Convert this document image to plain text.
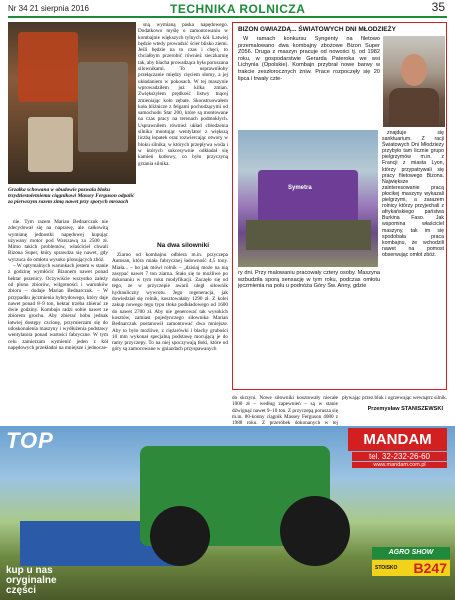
Nr 34 21 sierpnia 2016	TECHNIKA ROLNICZA	35
Grzałka schowana w obudowie pozwala bloku trzydziestoletniemu ciągnikowi Massey Ferguson odpalić za pierwszym razem zimą nawet przy sporych mrozach

nie. Tym razem Marian Bednarczuk nie zdecydował się na naprawę, ale całkowitą wymianę jednostki napędowej kupując używany motor pod Warszawą za 2500 zł. Mimo takich problemów, właściciel chwali Bizona Super, który sprawdza się nawet, gdy wyrzuca do omłotu wysoko plonujących zbóż.

– W optymalnych warunkach jestem w stanie z godzinę wymłócić Bizonem nawet ponad hektar pszenicy. Oczywiście wszystko zależy od plonu zbiorów, wilgotności i warunków zbioru – dodaje Marian Bednarczuk. – W przypadku jęczmienia hybrydowego, który daje nawet ponad 8–9 ton, hektar trzeba zbierać ze dwie godziny. Kombajn radzi sobie nawet ze zbiorem grochu. Aby zbierać bobu jednak łatwiej dostępy czcionę, przymierzam się do udoskonalenia maszyny i wydłużenia podstawy wentylatora ponad wartości fabryczne. W tym celu zamierzam wymienić jeden z kół napędowych przekładni na mniejsze i jednocze-

sną wymianą paska napędowego. Dodatkowo myślę o zamontowaniu w kombajnie większych tylnych kół. Łatwiej będzie wtedy prowadzić ścier blisko ziemi. Jeśli będzie na to czas i chęci, to chciałbym przerobić również sieczkarnię tak, aby blacha prowadząca była poruszana silownikami. To usprawniłoby przełączanie między cięciem słomy, a jej układaniem w pokosach. W tej maszynie wprowadziłem już kilka zmian. Zwiększyłem prędkość listwy tnącej zmieniając koło zębate. Skonstruowałem koła bliźnicze z felgami pochodzącymi od samochodu Star 200, które są montowane na czas pracy na terenach podmokłych. Usprawniłem również układ chłodzenia silnika montując wentylator z większą liczbą łopatek oraz rozwiercając otwory w bloku silnika, w których przepływa woda i w których sukcesywnie odkładał się kamień kotłowy, co było przyczyną grzania silnika.

Na dwa silowniki

Ziarno od kombajnu odbiera m.in. przyczepa Autosan, która miała fabrycznej ładowność 4,5 tony. Miała... – bo jak mówi rolnik – „dzisiaj może na nią zasypać nawet 7 ton ziarna. Stało się to możliwe po dokonaniu w tym roku modyfikacji. Zaczęło się od tego, że w przyczepie awarii uległ siłownik hydrauliczny wywrotu. Jego regeneracja, jak dowiedział się rolnik, kosztowałaby 1290 zł. Z kolei zakup nowego tego typu tłoka podkładowego od 1600 do nawet 2700 zł. Aby nie generować tak wysokich kosztów, zamiast pojedynczego siłownika Marian Bednarczuk postanowił zamontować dwa mniejsze. Aby to było możliwe, z ciężarówki i blachy grubości 10 mm wykonał specjalną podstawę mocującą je do ramy przyczepy. To na niej spoczywają tłoki, które od góry są zamocowane w gniazdach przyspawanych

BIZON GWIAZDĄ... ŚWIATOWYCH DNI MŁODZIEŻY

W ramach konkursu Syngenty na filetowo przemalowano dwa kombajny zbożowe Bizon Super Z056. Druga z maszyn pracuje od nowości tj. od 1982 roku, w gospodarstwie Gerarda Pateroka we wsi Lichynia (Opolskie). Kombajn przybrał nowe barwy w trakcie zeszłorocznych żniw. Prace rozpoczęły się 20 lipca i trwały czte-

Symetra

znajduje się sanktuarium. Z racji Światowych Dni Młodzieży przybyło tam licznie grupo pielgrzymów m.in. z Francji z miasta Lyon, którzy przypatrywali się pracy filetowego Bizona. Największe zainteresowanie pracą płocikej maszyny wykazali pielgrzymi, a zarazem rolnicy którzy przyjechali z afrykańskiego państwa Burkina Faso. Jak wspomina właściciel maszyny, tak im się spodobała praca kombajnu, że wchodzili nawet na pomost obserwując omłot zbóż.

ry dni. Przy malowaniu pracowały cztery osoby. Maszyna wzbudziła sporą sensację w tym roku, podczas omłotu jęczmienia na polu u podnóża Góry Św. Anny, gdzie

do skrzyni. Nowe siłowniki kosztowały niecałe 1000 zł – według zapewnień – są w stanie dźwignąć nawet 9–10 ton. Z przyczepą porusza się m.in. 80-konny ciągnik Massey Ferguson 4080 z 1988 roku. Z przeróbek dokonanych w tej

pływając przez blok i ogrzewając wewnątrz silnik.

Przemysław STANISZEWSKI
TOP	MANDAM
tel. 32-232-26-60
www.mandam.com.pl
kup u nas
oryginalne
części
AGRO SHOW
STOISKO B247
